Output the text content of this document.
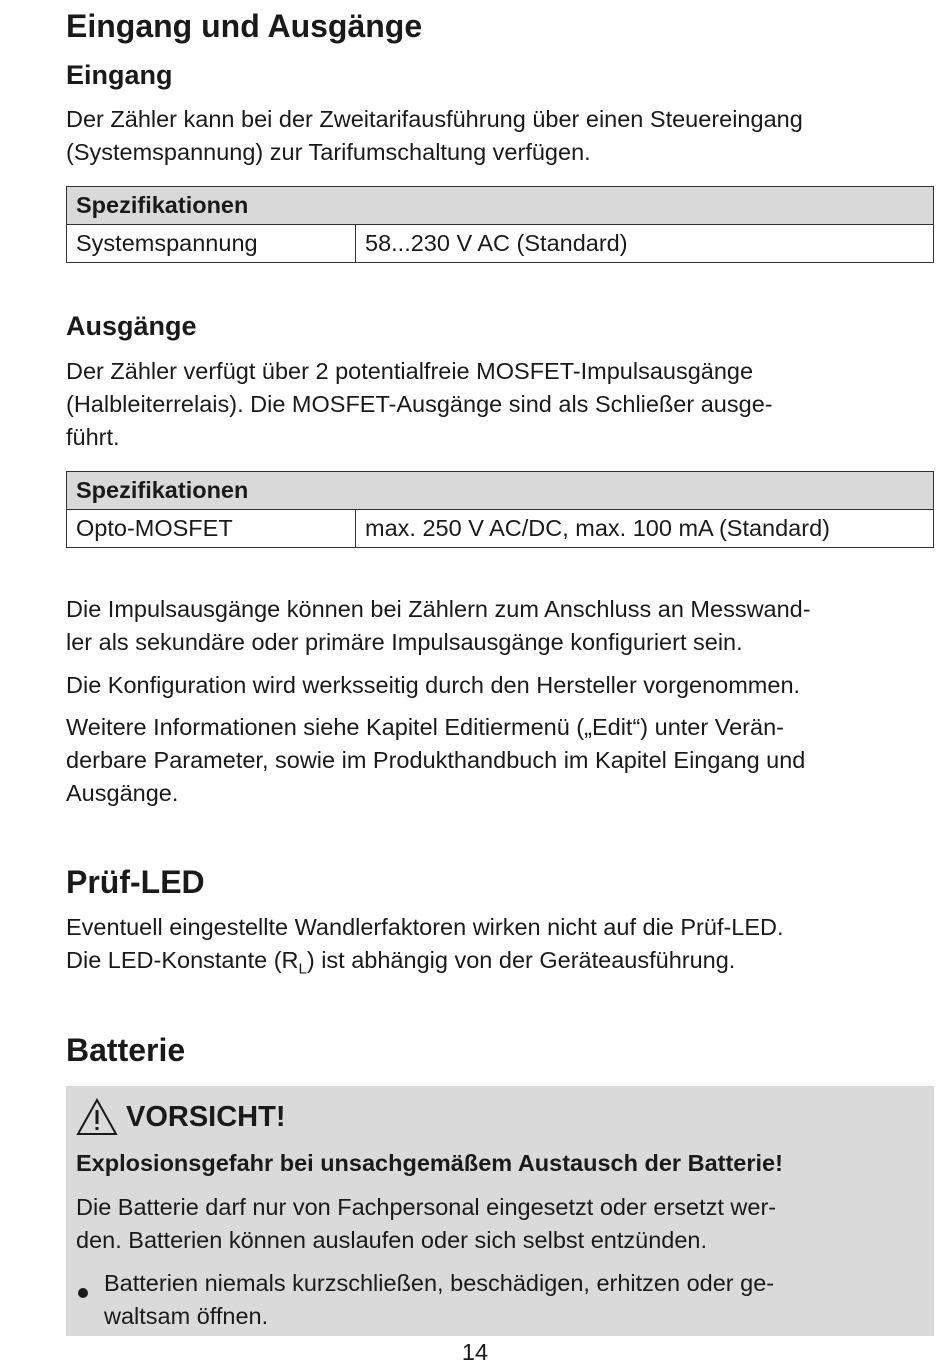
Eingang und Ausgänge
Eingang

Der Zähler kann bei der Zweitarifausführung über einen Steuereingang
(Systemspannung) zur Tarifumschaltung verfügen.

Spezifikationen
Systemspannung	58...230 V AC (Standard)
Ausgänge

Der Zähler verfügt über 2 potentialfreie MOSFET-Impulsausgänge
(Halbleiterrelais). Die MOSFET-Ausgänge sind als Schließer ausge-
führt.

Spezifikationen
Opto-MOSFET	max. 250 V AC/DC, max. 100 mA (Standard)

Die Impulsausgänge können bei Zählern zum Anschluss an Messwand-
ler als sekundäre oder primäre Impulsausgänge konfiguriert sein.

Die Konfiguration wird werksseitig durch den Hersteller vorgenommen.

Weitere Informationen siehe Kapitel Editiermenü („Edit“) unter Verän-
derbare Parameter, sowie im Produkthandbuch im Kapitel Eingang und
Ausgänge.

Prüf-LED

Eventuell eingestellte Wandlerfaktoren wirken nicht auf die Prüf-LED.
Die LED-Konstante $(R_L)$ ist abhängig von der Geräteausführung.

Batterie
VORSICHT!
Explosionsgefahr bei unsachgemäßem Austausch der Batterie!
Die Batterie darf nur von Fachpersonal eingesetzt oder ersetzt wer-
den. Batterien können auslaufen oder sich selbst entzünden.
Batterien niemals kurzschließen, beschädigen, erhitzen oder ge-
waltsam öffnen.
14
